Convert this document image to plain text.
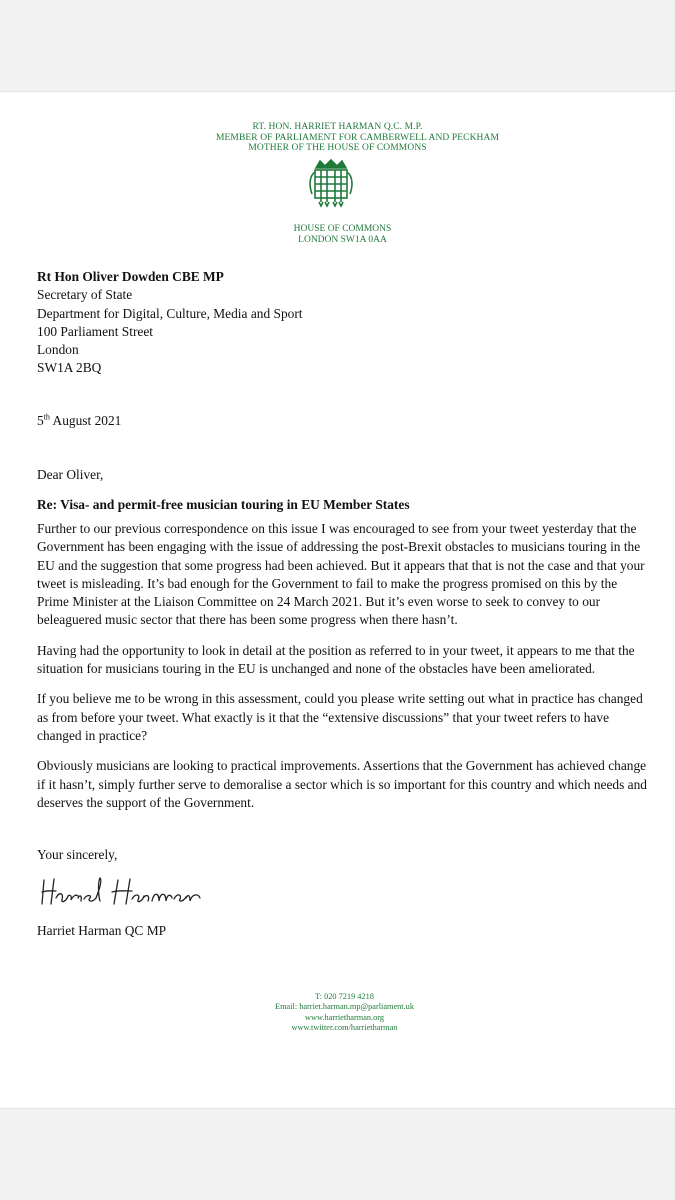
RT. HON. HARRIET HARMAN Q.C. M.P.
MEMBER OF PARLIAMENT FOR CAMBERWELL AND PECKHAM
MOTHER OF THE HOUSE OF COMMONS
HOUSE OF COMMONS
LONDON SW1A 0AA
Rt Hon Oliver Dowden CBE MP
Secretary of State
Department for Digital, Culture, Media and Sport
100 Parliament Street
London
SW1A 2BQ
5th August 2021
Dear Oliver,
Re: Visa- and permit-free musician touring in EU Member States

Further to our previous correspondence on this issue I was encouraged to see from your tweet yesterday that the Government has been engaging with the issue of addressing the post-Brexit obstacles to musicians touring in the EU and the suggestion that some progress had been achieved. But it appears that that is not the case and that your tweet is misleading. It’s bad enough for the Government to fail to make the progress promised on this by the Prime Minister at the Liaison Committee on 24 March 2021. But it’s even worse to seek to convey to our beleaguered music sector that there has been some progress when there hasn’t.

Having had the opportunity to look in detail at the position as referred to in your tweet, it appears to me that the situation for musicians touring in the EU is unchanged and none of the obstacles have been ameliorated.

If you believe me to be wrong in this assessment, could you please write setting out what in practice has changed as from before your tweet. What exactly is it that the “extensive discussions” that your tweet refers to have changed in practice?

Obviously musicians are looking to practical improvements. Assertions that the Government has achieved change if it hasn’t, simply further serve to demoralise a sector which is so important for this country and which needs and deserves the support of the Government.

Your sincerely,
Harriet Harman QC MP
T: 020 7219 4218
Email: harriet.harman.mp@parliament.uk
www.harrietharman.org
www.twitter.com/harrietharman
